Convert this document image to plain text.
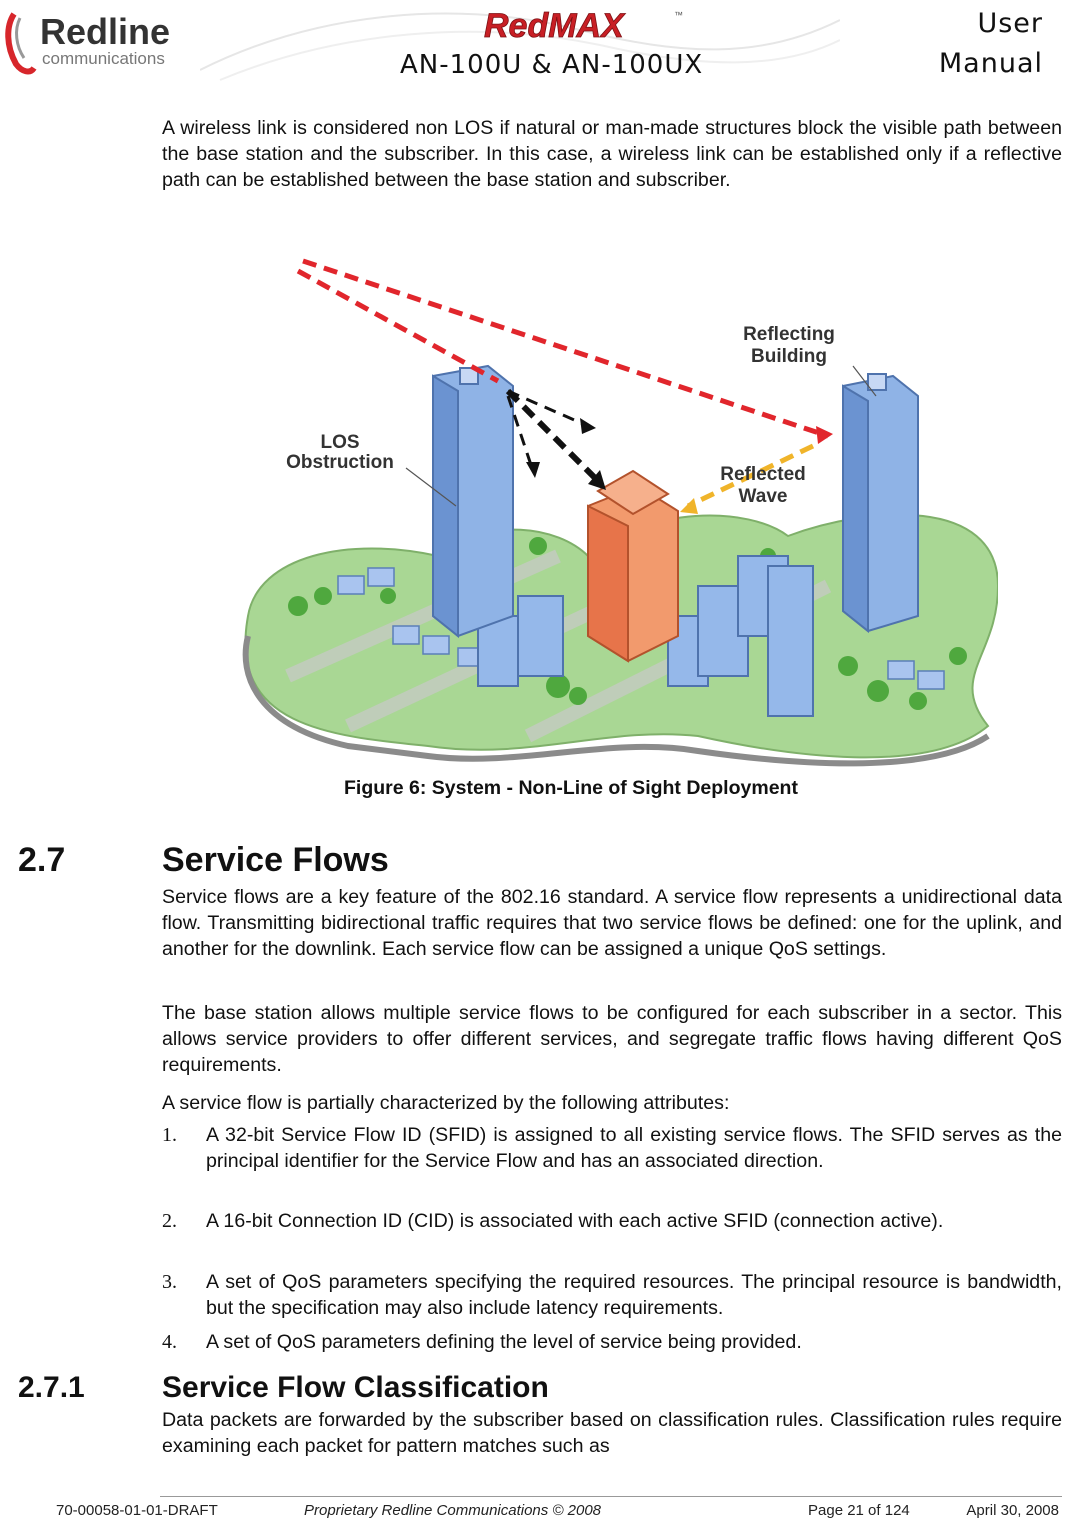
Redline
communications
RedMAX	™
AN-100U & AN-100UX
User
Manual
A wireless link is considered non LOS if natural or man-made structures block the visible path between the base station and the subscriber. In this case, a wireless link can be established only if a reflective path can be established between the base station and subscriber.
LOS
Obstruction
Reflecting
Building
Reflected
Wave
Figure 6: System - Non-Line of Sight Deployment
2.7	Service Flows
Service flows are a key feature of the 802.16 standard. A service flow represents a unidirectional data flow. Transmitting bidirectional traffic requires that two service flows be defined: one for the uplink, and another for the downlink. Each service flow can be assigned a unique QoS settings.
The base station allows multiple service flows to be configured for each subscriber in a sector. This allows service providers to offer different services, and segregate traffic flows having different QoS requirements.
A service flow is partially characterized by the following attributes:
1. A 32-bit Service Flow ID (SFID) is assigned to all existing service flows. The SFID serves as the principal identifier for the Service Flow and has an associated direction.
2. A 16-bit Connection ID (CID) is associated with each active SFID (connection active).
3. A set of QoS parameters specifying the required resources. The principal resource is bandwidth, but the specification may also include latency requirements.
4. A set of QoS parameters defining the level of service being provided.
2.7.1	Service Flow Classification
Data packets are forwarded by the subscriber based on classification rules. Classification rules require examining each packet for pattern matches such as
70-00058-01-01-DRAFT	Proprietary Redline Communications © 2008	Page 21 of 124	April 30, 2008
